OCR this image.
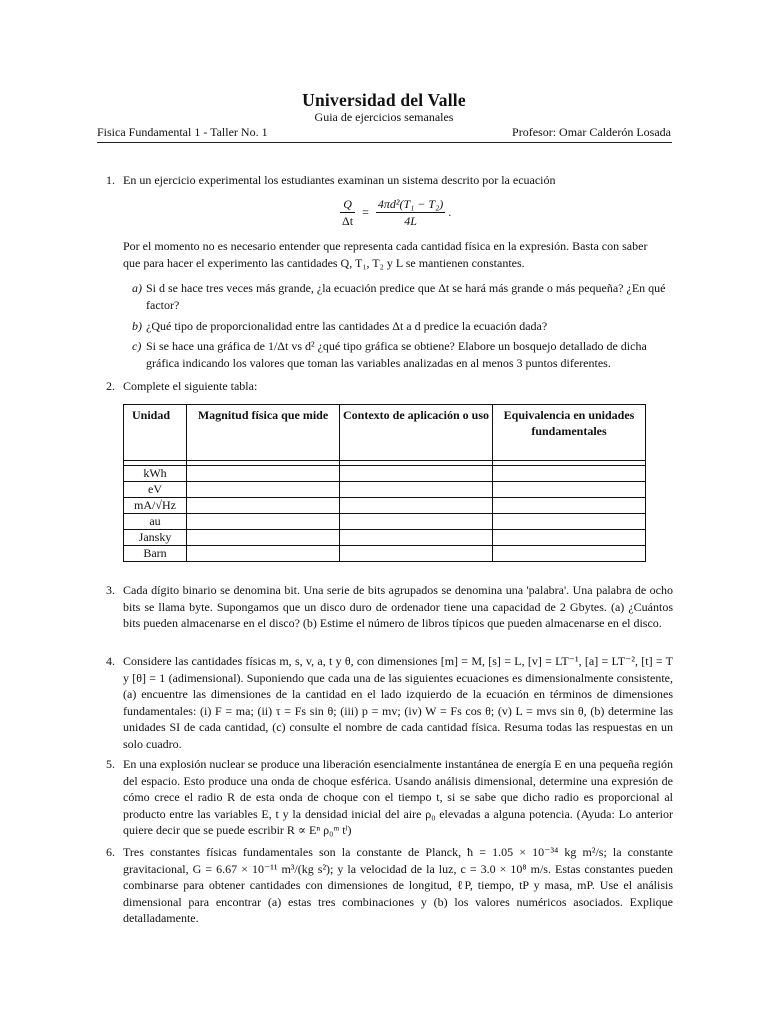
Universidad del Valle
Guia de ejercicios semanales
Fisica Fundamental 1 - Taller No. 1	Profesor: Omar Calderón Losada
1. En un ejercicio experimental los estudiantes examinan un sistema descrito por la ecuación
$\frac{Q}{\Delta t} = \frac{\text{4πd²(T₁ − T₂)}}{4L}$ .
Por el momento no es necesario entender que representa cada cantidad física en la expresión. Basta con saber
que para hacer el experimento las cantidades Q, T₁, T₂ y L se mantienen constantes.
a) Si d se hace tres veces más grande, ¿la ecuación predice que Δt se hará más grande o más pequeña? ¿En qué factor?
b) ¿Qué tipo de proporcionalidad entre las cantidades Δt a d predice la ecuación dada?
c) Si se hace una gráfica de 1/Δt vs d² ¿qué tipo gráfica se obtiene? Elabore un bosquejo detallado de dicha gráfica indicando los valores que toman las variables analizadas en al menos 3 puntos diferentes.
2. Complete el siguiente tabla:
Unidad	Magnitud física que mide	Contexto de aplicación o uso	Equivalencia en unidades fundamentales

kWh			
eV			
mA/√Hz			
au			
Jansky			
Barn			
3. Cada dígito binario se denomina bit. Una serie de bits agrupados se denomina una 'palabra'. Una palabra de ocho bits se llama byte. Supongamos que un disco duro de ordenador tiene una capacidad de 2 Gbytes. (a) ¿Cuántos bits pueden almacenarse en el disco? (b) Estime el número de libros típicos que pueden almacenarse en el disco.
4. Considere las cantidades físicas m, s, v, a, t y θ, con dimensiones [m] = M, [s] = L, [v] = LT⁻¹, [a] = LT⁻², [t] = T y [θ] = 1 (adimensional). Suponiendo que cada una de las siguientes ecuaciones es dimensionalmente consistente, (a) encuentre las dimensiones de la cantidad en el lado izquierdo de la ecuación en términos de dimensiones fundamentales: (i) F = ma; (ii) τ = Fs sin θ; (iii) p = mv; (iv) W = Fs cos θ; (v) L = mvs sin θ, (b) determine las unidades SI de cada cantidad, (c) consulte el nombre de cada cantidad física. Resuma todas las respuestas en un solo cuadro.
5. En una explosión nuclear se produce una liberación esencialmente instantánea de energía E en una pequeña región del espacio. Esto produce una onda de choque esférica. Usando análisis dimensional, determine una expresión de cómo crece el radio R de esta onda de choque con el tiempo t, si se sabe que dicho radio es proporcional al producto entre las variables E, t y la densidad inicial del aire ρ₀ elevadas a alguna potencia. (Ayuda: Lo anterior quiere decir que se puede escribir R ∝ Eⁿ ρ₀ᵐ tˡ)
6. Tres constantes físicas fundamentales son la constante de Planck, ħ = 1.05 × 10⁻³⁴ kg m²/s; la constante gravitacional, G = 6.67 × 10⁻¹¹ m³/(kg s²); y la velocidad de la luz, c = 3.0 × 10⁸ m/s. Estas constantes pueden combinarse para obtener cantidades con dimensiones de longitud, ℓP, tiempo, tP y masa, mP. Use el análisis dimensional para encontrar (a) estas tres combinaciones y (b) los valores numéricos asociados. Explique detalladamente.
